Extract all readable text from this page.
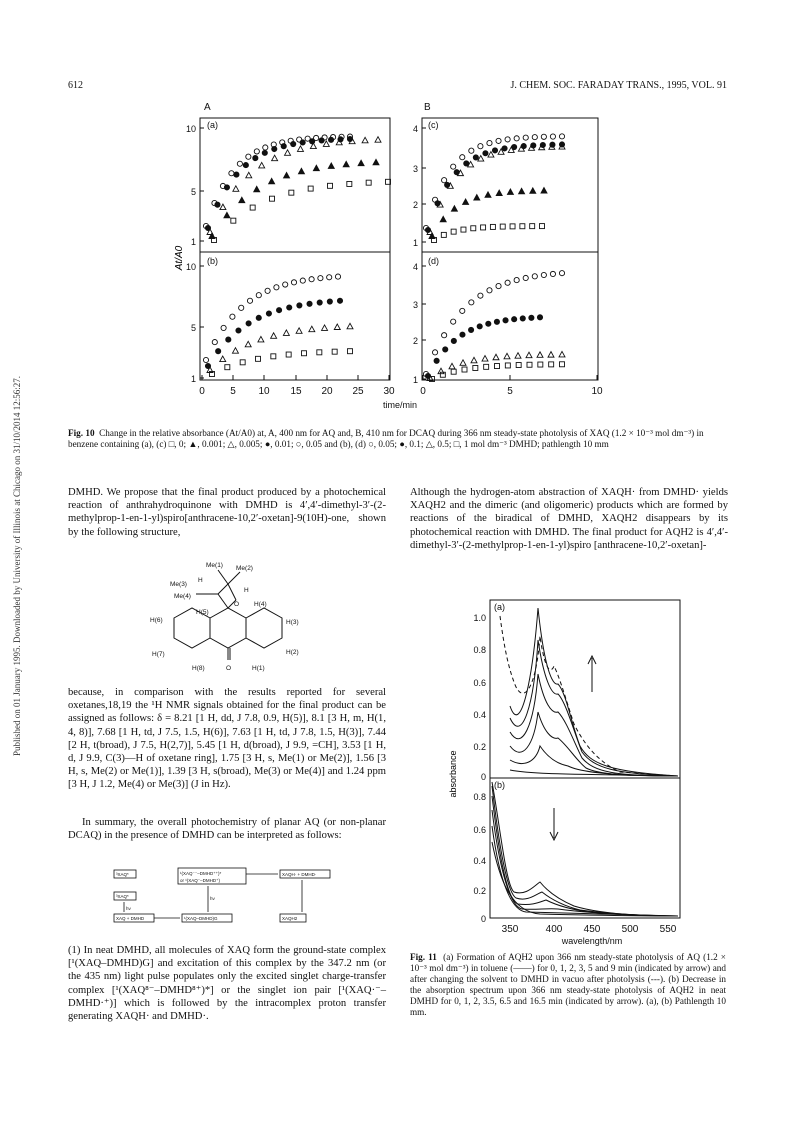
612	J. CHEM. SOC. FARADAY TRANS., 1995, VOL. 91
Published on 01 January 1995. Downloaded by University of Illinois at Chicago on 31/10/2014 12:56:27.
A	B
(a)
(b)
(c)
(d)
10
5
1
10
5
1
4
3
2
1
4
3
2
1
0	5 10 15 20 25 30	0	5	10
time/min
At/A0
Fig. 10 Change in the relative absorbance (At/A0) at, A, 400 nm for AQ and, B, 410 nm for DCAQ during 366 nm steady-state photolysis of XAQ (1.2 × 10⁻³ mol dm⁻³) in benzene containing (a), (c) □, 0; ▲, 0.001; △, 0.005; ●, 0.01; ○, 0.05 and (b), (d) ○, 0.05; ●, 0.1; △, 0.5; □, 1 mol dm⁻³ DMHD; pathlength 10 mm
DMHD. We propose that the final product produced by a photochemical reaction of anthrahydroquinone with DMHD is 4′,4′-dimethyl-3′-(2-methylprop-1-en-1-yl)spiro[anthracene-10,2′-oxetan]-9(10H)-one, shown by the following structure,
Me(1) Me(2)
Me(3)
Me(4)
H
H
H(5)
H(4)
H(6)	H(3)
H(7)	H(2)
H(8)	O	H(1)
O
because, in comparison with the results reported for several oxetanes,18,19 the ¹H NMR signals obtained for the final product can be assigned as follows: δ = 8.21 [1 H, dd, J 7.8, 0.9, H(5)], 8.1 [3 H, m, H(1, 4, 8)], 7.68 [1 H, td, J 7.5, 1.5, H(6)], 7.63 [1 H, td, J 7.8, 1.5, H(3)], 7.44 [2 H, t(broad), J 7.5, H(2,7)], 5.45 [1 H, d(broad), J 9.9, =CH], 3.53 [1 H, d, J 9.9, C(3)—H of oxetane ring], 1.75 [3 H, s, Me(1) or Me(2)], 1.56 [3 H, s, Me(2) or Me(1)], 1.39 [3 H, s(broad), Me(3) or Me(4)] and 1.24 ppm [3 H, J 1.2, Me(4) or Me(3)] (J in Hz).
In summary, the overall photochemistry of planar AQ (or non-planar DCAQ) in the presence of DMHD can be interpreted as follows:
³XAQ*	¹(XAQ⁻⁻–DMHD⁺⁺)*
or ¹(XAQ⁻–DMHD⁺)
XAQH· + DMHD·
³XAQ*
hν
hν
XAQ + DMHD	¹(XAQ–DMHD)G	XAQH2
(1) In neat DMHD, all molecules of XAQ form the ground-state complex [¹(XAQ–DMHD)G] and excitation of this complex by the 347.2 nm (or the 435 nm) light pulse populates only the excited singlet charge-transfer complex [¹(XAQ⁸⁻–DMHD⁸⁺)*] or the singlet ion pair [¹(XAQ·⁻–DMHD·⁺)] which is followed by the intracomplex proton transfer generating XAQH· and DMHD·.
Although the hydrogen-atom abstraction of XAQH· from DMHD· yields XAQH2 and the dimeric (and oligomeric) products which are formed by reactions of the biradical of DMHD, XAQH2 disappears by its photochemical reaction with DMHD. The final product for AQH2 is 4′,4′-dimethyl-3′-(2-methylprop-1-en-1-yl)spiro [anthracene-10,2′-oxetan]-
(a)
(b)
1.0
0.8
0.6
0.4
0.2
0
0.8
0.6
0.4
0.2
0
350	400 450 500 550
wavelength/nm
absorbance
Fig. 11 (a) Formation of AQH2 upon 366 nm steady-state photolysis of AQ (1.2 × 10⁻³ mol dm⁻³) in toluene (——) for 0, 1, 2, 3, 5 and 9 min (indicated by arrow) and after changing the solvent to DMHD in vacuo after photolysis (---). (b) Decrease in the absorption spectrum upon 366 nm steady-state photolysis of AQH2 in neat DMHD for 0, 1, 2, 3.5, 6.5 and 16.5 min (indicated by arrow). (a), (b) Pathlength 10 mm.
